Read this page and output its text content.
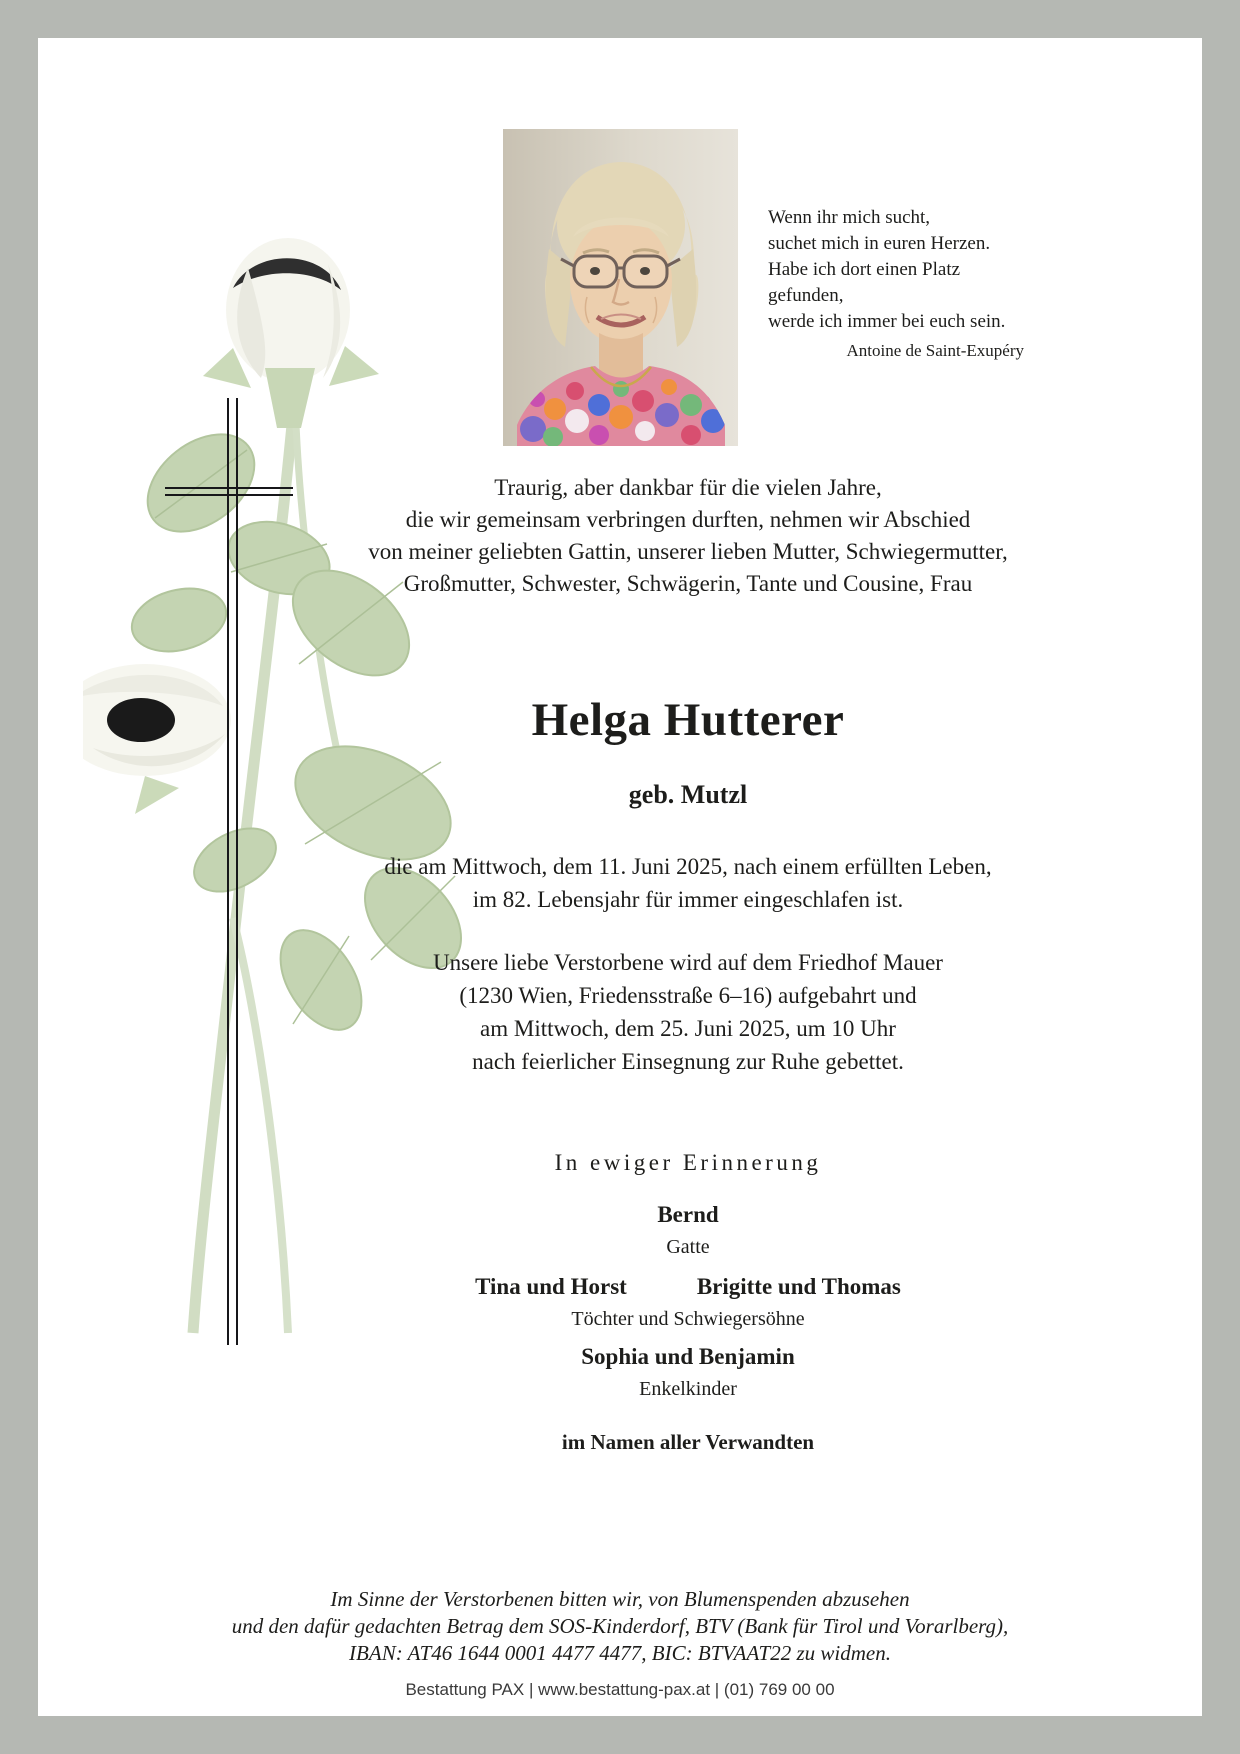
Wenn ihr mich sucht,
suchet mich in euren Herzen.
Habe ich dort einen Platz gefunden,
werde ich immer bei euch sein.
Antoine de Saint-Exupéry
Traurig, aber dankbar für die vielen Jahre,
die wir gemeinsam verbringen durften, nehmen wir Abschied
von meiner geliebten Gattin, unserer lieben Mutter, Schwiegermutter,
Großmutter, Schwester, Schwägerin, Tante und Cousine, Frau
Helga Hutterer
geb. Mutzl
die am Mittwoch, dem 11. Juni 2025, nach einem erfüllten Leben,
im 82. Lebensjahr für immer eingeschlafen ist.
Unsere liebe Verstorbene wird auf dem Friedhof Mauer
(1230 Wien, Friedensstraße 6–16) aufgebahrt und
am Mittwoch, dem 25. Juni 2025, um 10 Uhr
nach feierlicher Einsegnung zur Ruhe gebettet.
In ewiger Erinnerung
Bernd
Gatte
Tina und Horst	Brigitte und Thomas
Töchter und Schwiegersöhne
Sophia und Benjamin
Enkelkinder
im Namen aller Verwandten
Im Sinne der Verstorbenen bitten wir, von Blumenspenden abzusehen
und den dafür gedachten Betrag dem SOS-Kinderdorf, BTV (Bank für Tirol und Vorarlberg),
IBAN: AT46 1644 0001 4477 4477, BIC: BTVAAT22 zu widmen.
Bestattung PAX | www.bestattung-pax.at | (01) 769 00 00
